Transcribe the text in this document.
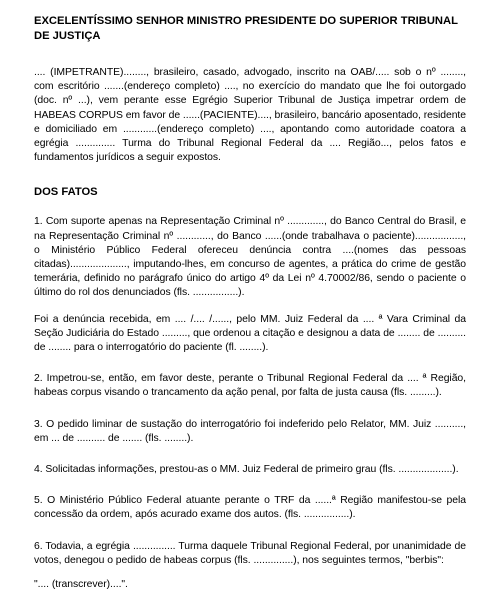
EXCELENTÍSSIMO SENHOR MINISTRO PRESIDENTE DO SUPERIOR TRIBUNAL DE JUSTIÇA

.... (IMPETRANTE)........, brasileiro, casado, advogado, inscrito na OAB/..... sob o nº ........, com escritório .......(endereço completo) ...., no exercício do mandato que lhe foi outorgado (doc. nº ...), vem perante esse Egrégio Superior Tribunal de Justiça impetrar ordem de HABEAS CORPUS em favor de ......(PACIENTE)...., brasileiro, bancário aposentado, residente e domiciliado em ............(endereço completo) ...., apontando como autoridade coatora a egrégia .............. Turma do Tribunal Regional Federal da .... Região..., pelos fatos e fundamentos jurídicos a seguir expostos.

DOS FATOS

1. Com suporte apenas na Representação Criminal nº ............., do Banco Central do Brasil, e na Representação Criminal nº ............, do Banco ......(onde trabalhava o paciente)................., o Ministério Público Federal ofereceu denúncia contra ....(nomes das pessoas citadas)...................., imputando-lhes, em concurso de agentes, a prática do crime de gestão temerária, definido no parágrafo único do artigo 4º da Lei nº 4.70002/86, sendo o paciente o último do rol dos denunciados (fls. ................).

Foi a denúncia recebida, em .... /.... /......, pelo MM. Juiz Federal da .... ª Vara Criminal da Seção Judiciária do Estado ........., que ordenou a citação e designou a data de ........ de .......... de ........ para o interrogatório do paciente (fl. ........).

2. Impetrou-se, então, em favor deste, perante o Tribunal Regional Federal da .... ª Região, habeas corpus visando o trancamento da ação penal, por falta de justa causa (fls. .........).

3. O pedido liminar de sustação do interrogatório foi indeferido pelo Relator, MM. Juiz .........., em ... de .......... de ....... (fls. ........).

4. Solicitadas informações, prestou-as o MM. Juiz Federal de primeiro grau (fls. ...................).

5. O Ministério Público Federal atuante perante o TRF da ......ª Região manifestou-se pela concessão da ordem, após acurado exame dos autos. (fls. ................).

6. Todavia, a egrégia ............... Turma daquele Tribunal Regional Federal, por unanimidade de votos, denegou o pedido de habeas corpus (fls. ..............), nos seguintes termos, "berbis":

".... (transcrever)....".
